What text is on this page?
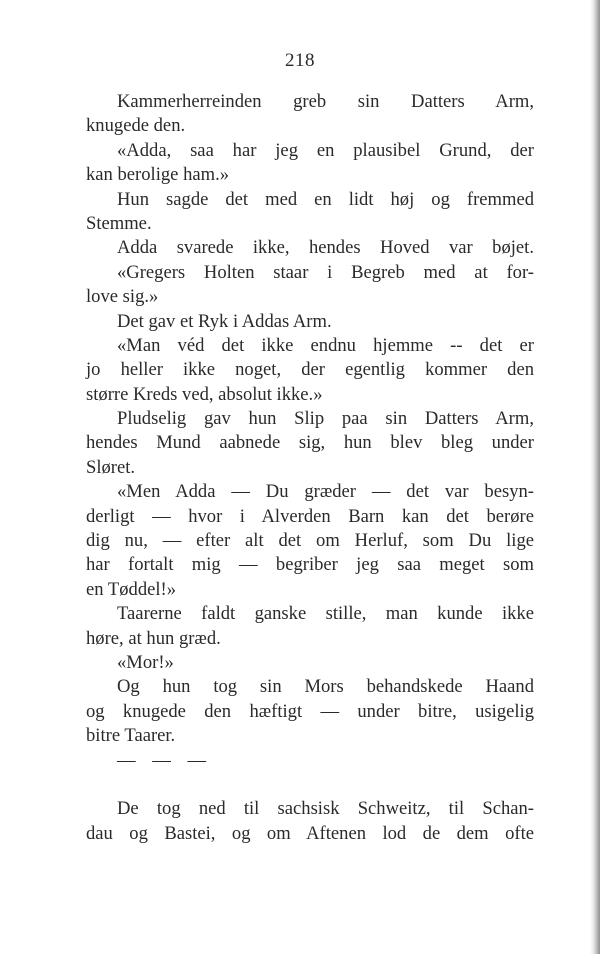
218
Kammerherreinden greb sin Datters Arm,
knugede den.
«Adda, saa har jeg en plausibel Grund, der
kan berolige ham.»
Hun sagde det med en lidt høj og fremmed
Stemme.
Adda svarede ikke, hendes Hoved var bøjet.
«Gregers Holten staar i Begreb med at for-
love sig.»
Det gav et Ryk i Addas Arm.
«Man véd det ikke endnu hjemme -- det er
jo heller ikke noget, der egentlig kommer den
større Kreds ved, absolut ikke.»
Pludselig gav hun Slip paa sin Datters Arm,
hendes Mund aabnede sig, hun blev bleg under
Sløret.
«Men Adda — Du græder — det var besyn-
derligt — hvor i Alverden Barn kan det berøre
dig nu, — efter alt det om Herluf, som Du lige
har fortalt mig — begriber jeg saa meget som
en Tøddel!»
Taarerne faldt ganske stille, man kunde ikke
høre, at hun græd.
«Mor!»
Og hun tog sin Mors behandskede Haand
og knugede den hæftigt — under bitre, usigelig
bitre Taarer.
— — —
De tog ned til sachsisk Schweitz, til Schan-
dau og Bastei, og om Aftenen lod de dem ofte
